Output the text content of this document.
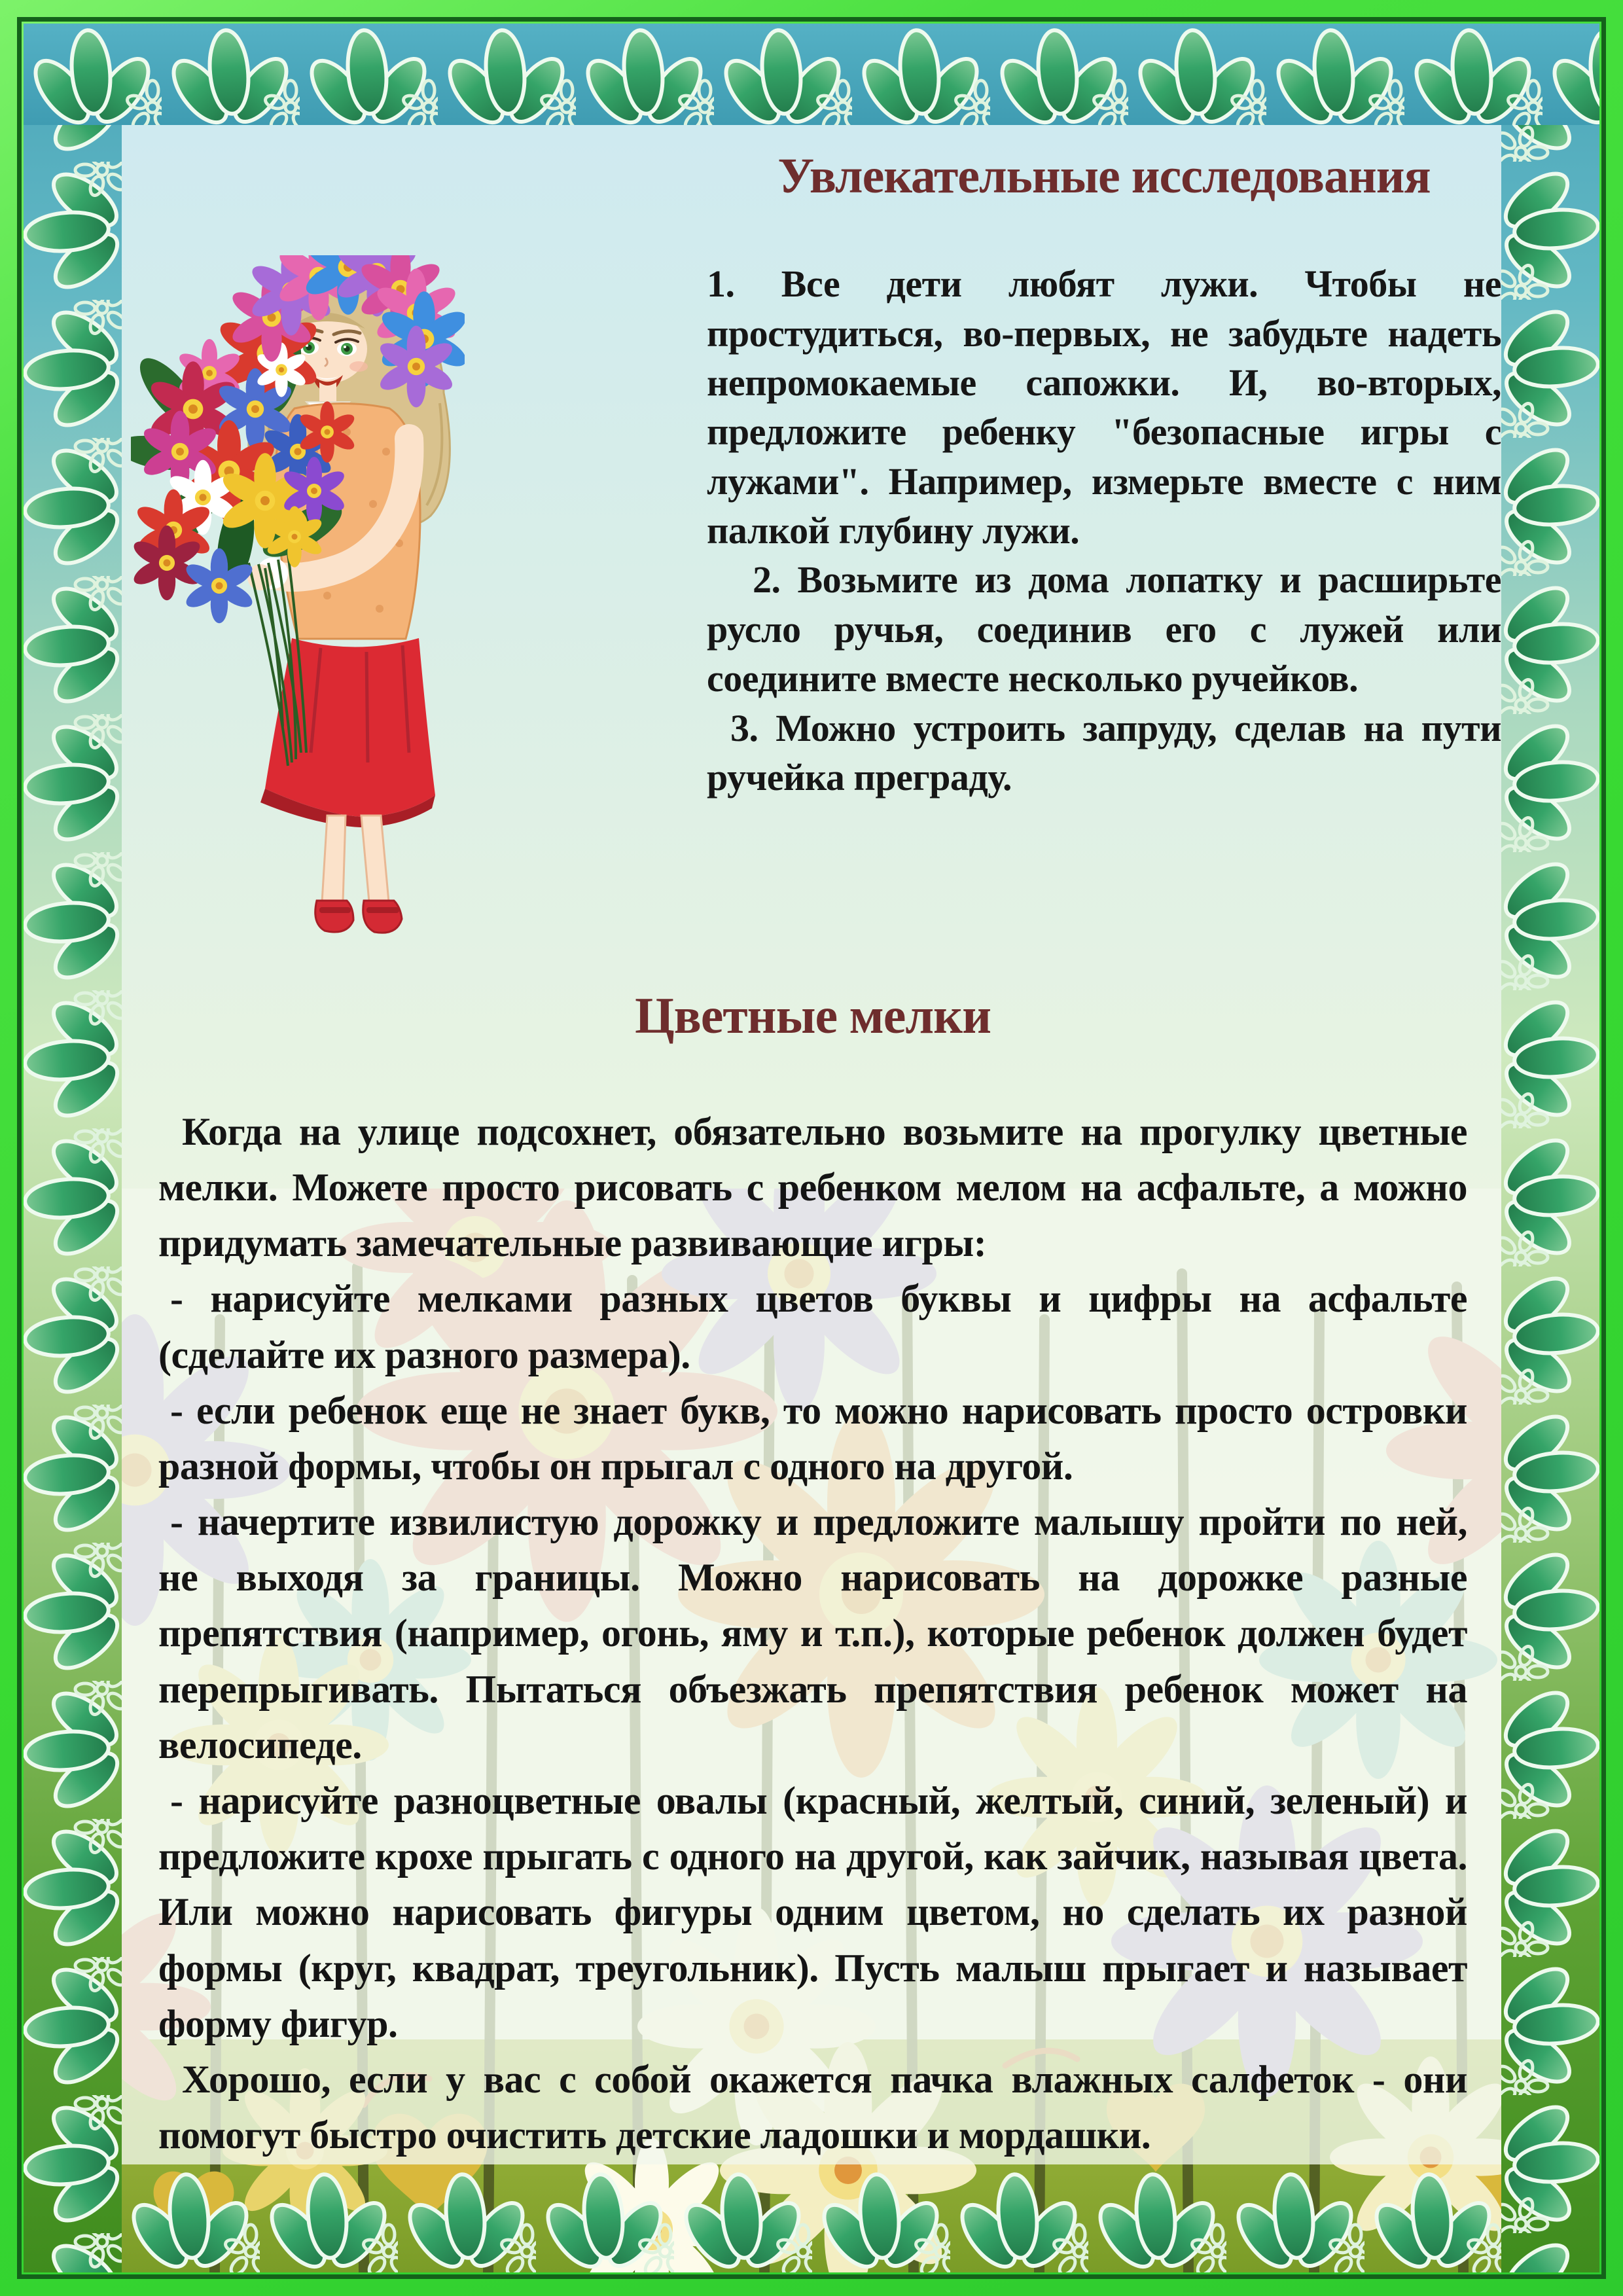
Увлекательные исследования

1. Все дети любят лужи. Чтобы не простудиться, во-первых, не забудьте надеть непромокаемые сапожки. И, во-вторых, предложите ребенку "безопасные игры с лужами". Например, измерьте вместе с ним палкой глубину лужи.

2. Возьмите из дома лопатку и расширьте русло ручья, соединив его с лужей или соедините вместе несколько ручейков.

3. Можно устроить запруду, сделав на пути ручейка преграду.

Цветные мелки

Когда на улице подсохнет, обязательно возьмите на прогулку цветные мелки. Можете просто рисовать с ребенком мелом на асфальте, а можно придумать замечательные развивающие игры:

- нарисуйте мелками разных цветов буквы и цифры на асфальте (сделайте их разного размера).

- если ребенок еще не знает букв, то можно нарисовать просто островки разной формы, чтобы он прыгал с одного на другой.

- начертите извилистую дорожку и предложите малышу пройти по ней, не выходя за границы. Можно нарисовать на дорожке разные препятствия (например, огонь, яму и т.п.), которые ребенок должен будет перепрыгивать. Пытаться объезжать препятствия ребенок может на велосипеде.

- нарисуйте разноцветные овалы (красный, желтый, синий, зеленый) и предложите крохе прыгать с одного на другой, как зайчик, называя цвета. Или можно нарисовать фигуры одним цветом, но сделать их разной формы (круг, квадрат, треугольник). Пусть малыш прыгает и называет форму фигур.

Хорошо, если у вас с собой окажется пачка влажных салфеток - они помогут быстро очистить детские ладошки и мордашки.
